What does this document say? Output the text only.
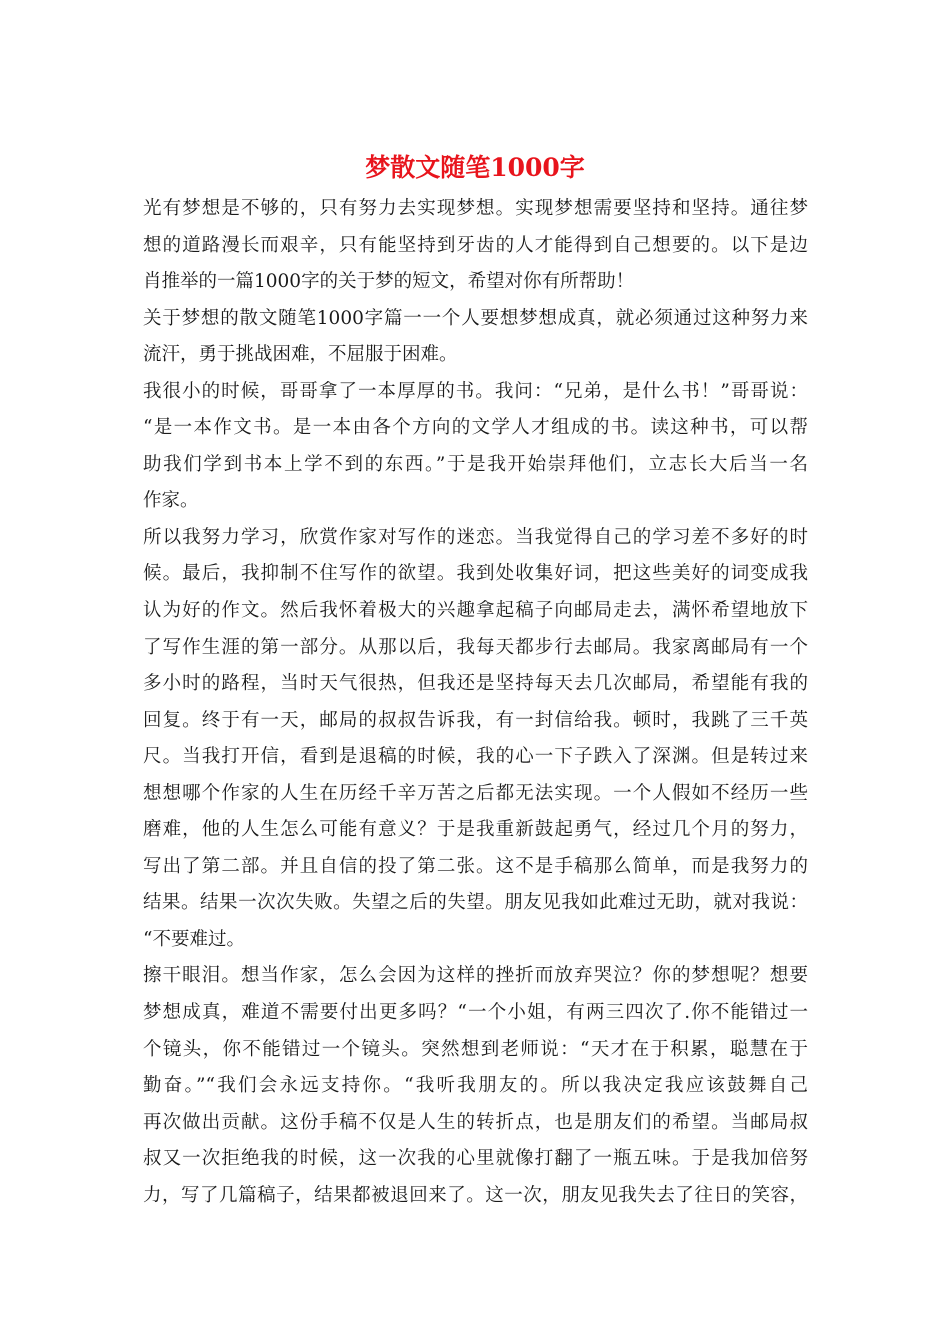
梦散文随笔1000字
光有梦想是不够的，只有努力去实现梦想。实现梦想需要坚持和坚持。通往梦
想的道路漫长而艰辛，只有能坚持到牙齿的人才能得到自己想要的。以下是边
肖推举的一篇1000字的关于梦的短文，希望对你有所帮助！
关于梦想的散文随笔1000字篇一一个人要想梦想成真，就必须通过这种努力来
流汗，勇于挑战困难，不屈服于困难。
我很小的时候，哥哥拿了一本厚厚的书。我问：“兄弟，是什么书！”哥哥说：
“是一本作文书。是一本由各个方向的文学人才组成的书。读这种书，可以帮
助我们学到书本上学不到的东西。”于是我开始崇拜他们，立志长大后当一名
作家。
所以我努力学习，欣赏作家对写作的迷恋。当我觉得自己的学习差不多好的时
候。最后，我抑制不住写作的欲望。我到处收集好词，把这些美好的词变成我
认为好的作文。然后我怀着极大的兴趣拿起稿子向邮局走去，满怀希望地放下
了写作生涯的第一部分。从那以后，我每天都步行去邮局。我家离邮局有一个
多小时的路程，当时天气很热，但我还是坚持每天去几次邮局，希望能有我的
回复。终于有一天，邮局的叔叔告诉我，有一封信给我。顿时，我跳了三千英
尺。当我打开信，看到是退稿的时候，我的心一下子跌入了深渊。但是转过来
想想哪个作家的人生在历经千辛万苦之后都无法实现。一个人假如不经历一些
磨难，他的人生怎么可能有意义？于是我重新鼓起勇气，经过几个月的努力，
写出了第二部。并且自信的投了第二张。这不是手稿那么简单，而是我努力的
结果。结果一次次失败。失望之后的失望。朋友见我如此难过无助，就对我说：
“不要难过。
擦干眼泪。想当作家，怎么会因为这样的挫折而放弃哭泣？你的梦想呢？想要
梦想成真，难道不需要付出更多吗？“一个小姐，有两三四次了.你不能错过一
个镜头，你不能错过一个镜头。突然想到老师说：“天才在于积累，聪慧在于
勤奋。”“我们会永远支持你。“我听我朋友的。所以我决定我应该鼓舞自己
再次做出贡献。这份手稿不仅是人生的转折点，也是朋友们的希望。当邮局叔
叔又一次拒绝我的时候，这一次我的心里就像打翻了一瓶五味。于是我加倍努
力，写了几篇稿子，结果都被退回来了。这一次，朋友见我失去了往日的笑容，
